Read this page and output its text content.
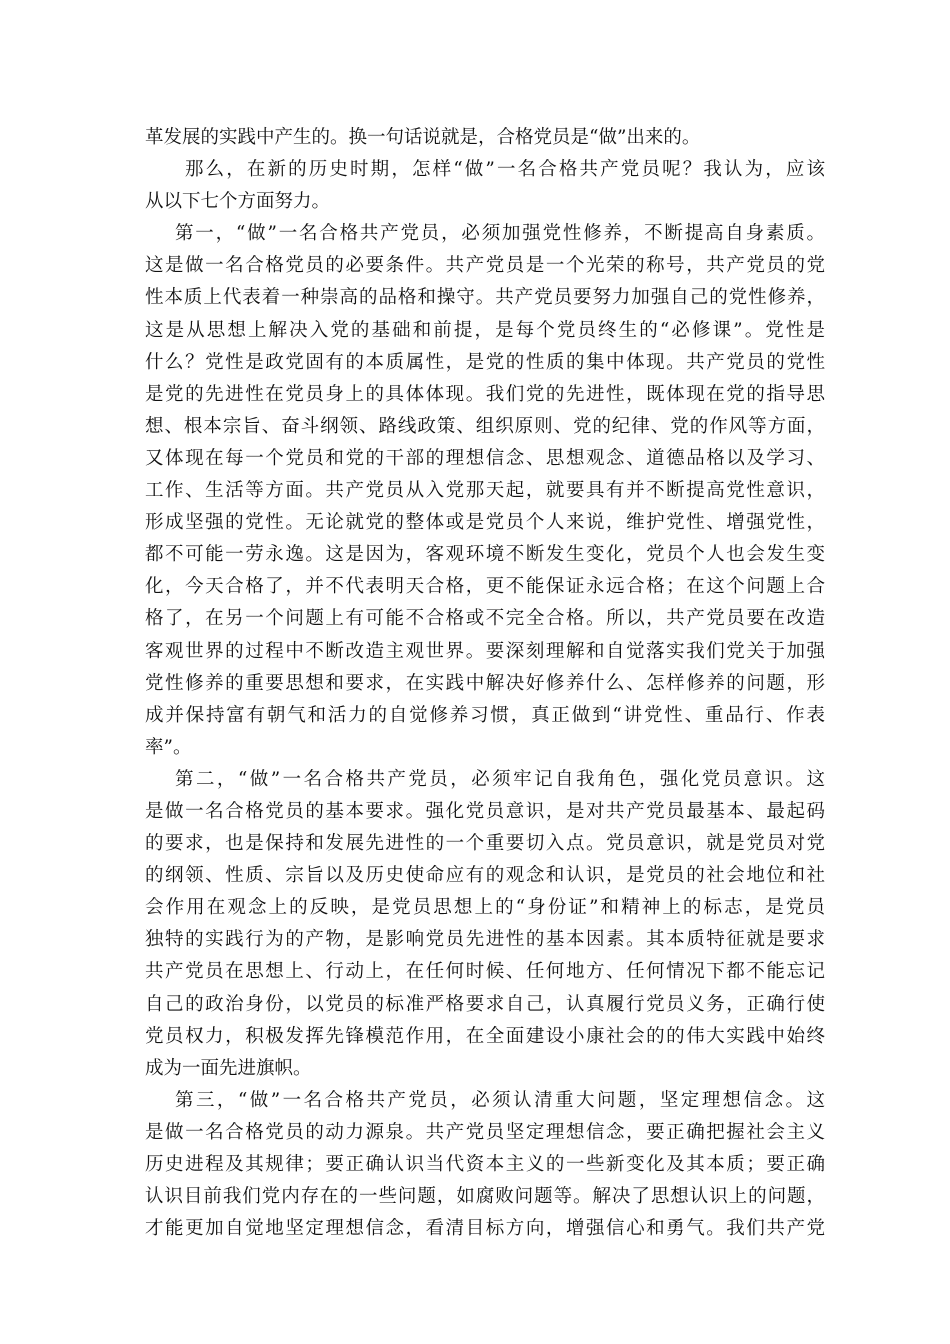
革发展的实践中产生的。换一句话说就是，合格党员是“做”出来的。
那么，在新的历史时期，怎样“做”一名合格共产党员呢？我认为，应该
从以下七个方面努力。
第一，“做”一名合格共产党员，必须加强党性修养，不断提高自身素质。
这是做一名合格党员的必要条件。共产党员是一个光荣的称号，共产党员的党
性本质上代表着一种崇高的品格和操守。共产党员要努力加强自己的党性修养，
这是从思想上解决入党的基础和前提，是每个党员终生的“必修课”。党性是
什么？党性是政党固有的本质属性，是党的性质的集中体现。共产党员的党性
是党的先进性在党员身上的具体体现。我们党的先进性，既体现在党的指导思
想、根本宗旨、奋斗纲领、路线政策、组织原则、党的纪律、党的作风等方面，
又体现在每一个党员和党的干部的理想信念、思想观念、道德品格以及学习、
工作、生活等方面。共产党员从入党那天起，就要具有并不断提高党性意识，
形成坚强的党性。无论就党的整体或是党员个人来说，维护党性、增强党性，
都不可能一劳永逸。这是因为，客观环境不断发生变化，党员个人也会发生变
化，今天合格了，并不代表明天合格，更不能保证永远合格；在这个问题上合
格了，在另一个问题上有可能不合格或不完全合格。所以，共产党员要在改造
客观世界的过程中不断改造主观世界。要深刻理解和自觉落实我们党关于加强
党性修养的重要思想和要求，在实践中解决好修养什么、怎样修养的问题，形
成并保持富有朝气和活力的自觉修养习惯，真正做到“讲党性、重品行、作表
率”。
第二，“做”一名合格共产党员，必须牢记自我角色，强化党员意识。这
是做一名合格党员的基本要求。强化党员意识，是对共产党员最基本、最起码
的要求，也是保持和发展先进性的一个重要切入点。党员意识，就是党员对党
的纲领、性质、宗旨以及历史使命应有的观念和认识，是党员的社会地位和社
会作用在观念上的反映，是党员思想上的“身份证”和精神上的标志，是党员
独特的实践行为的产物，是影响党员先进性的基本因素。其本质特征就是要求
共产党员在思想上、行动上，在任何时候、任何地方、任何情况下都不能忘记
自己的政治身份，以党员的标准严格要求自己，认真履行党员义务，正确行使
党员权力，积极发挥先锋模范作用，在全面建设小康社会的的伟大实践中始终
成为一面先进旗帜。
第三，“做”一名合格共产党员，必须认清重大问题，坚定理想信念。这
是做一名合格党员的动力源泉。共产党员坚定理想信念，要正确把握社会主义
历史进程及其规律；要正确认识当代资本主义的一些新变化及其本质；要正确
认识目前我们党内存在的一些问题，如腐败问题等。解决了思想认识上的问题，
才能更加自觉地坚定理想信念，看清目标方向，增强信心和勇气。我们共产党
